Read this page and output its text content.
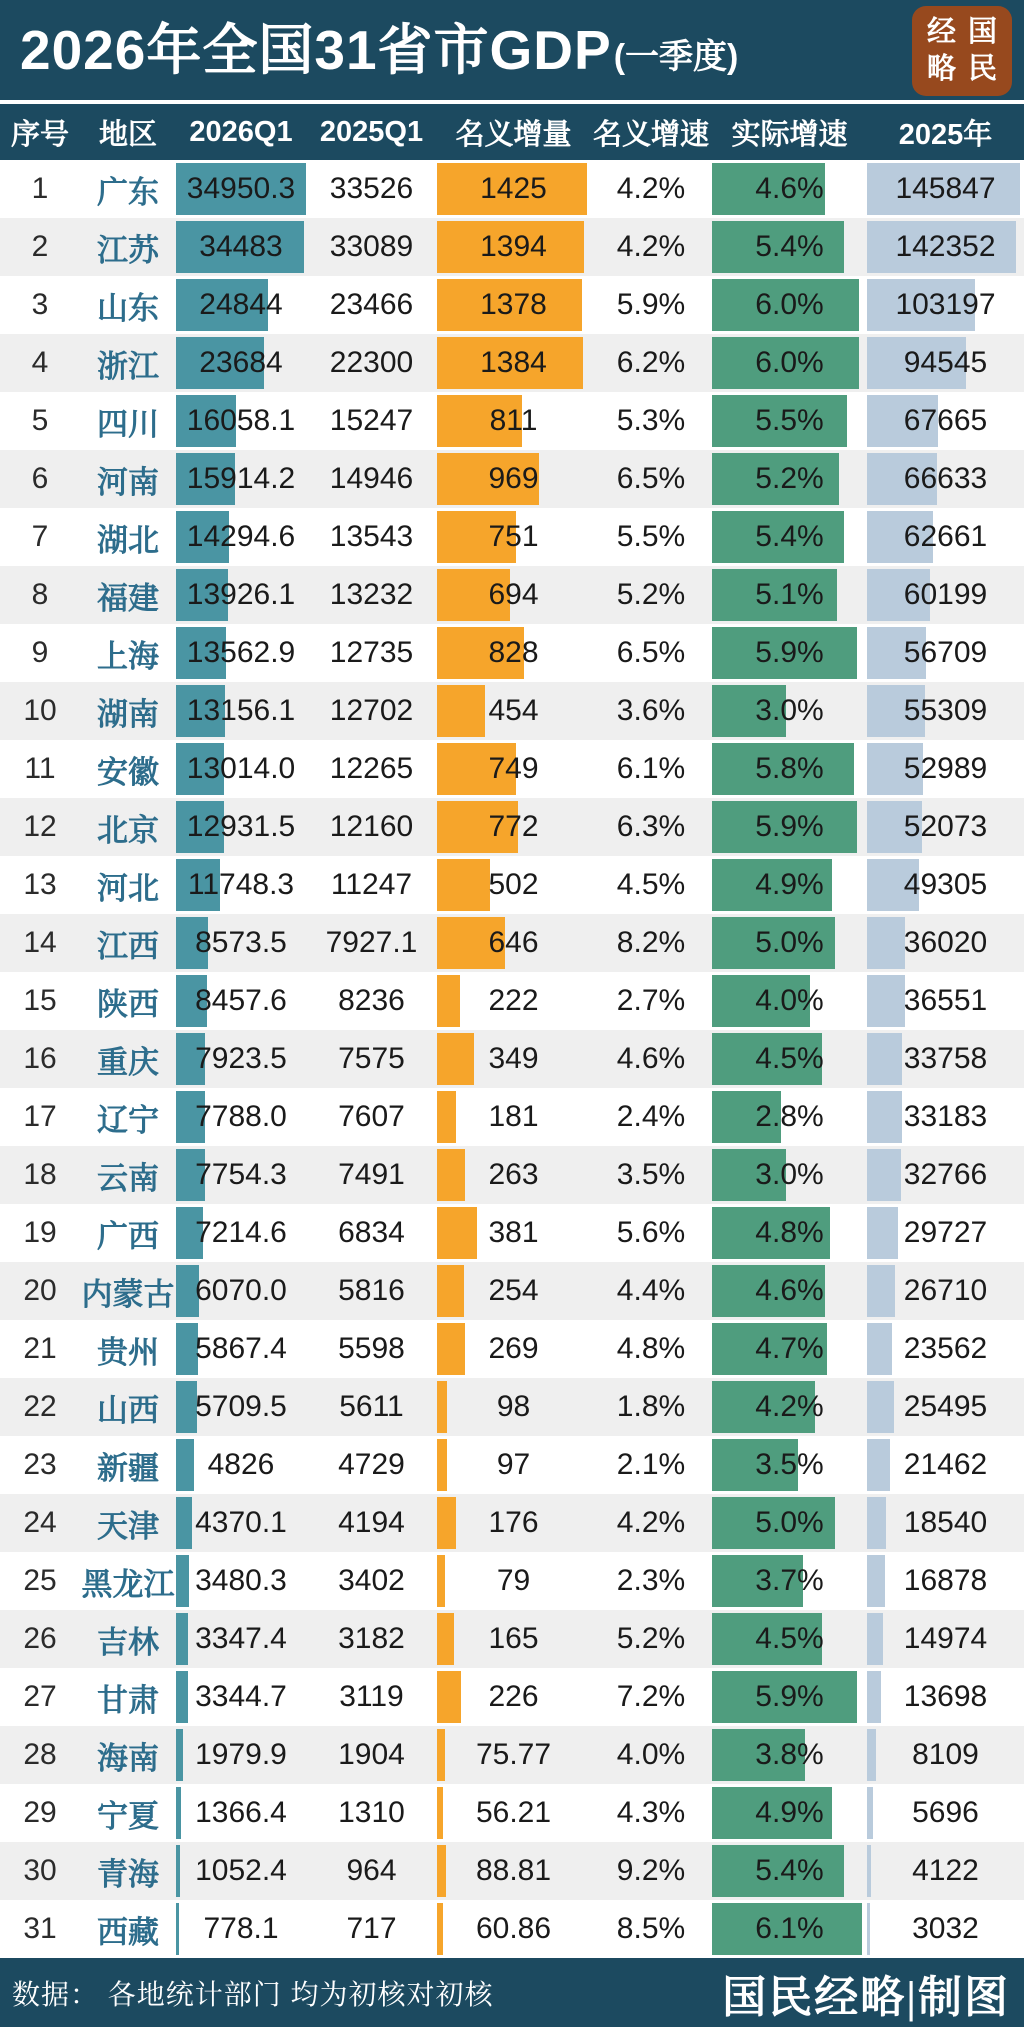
2026年全国31省市GDP (一季度)
经
略
国
民
序号	地区	2026Q1 2025Q1	名义增量 名义增速 实际增速	2025年
1 广东 34950.3 33526 1425 4.2% 4.6% 145847
2 江苏 34483 33089 1394 4.2% 5.4% 142352
3 山东 24844 23466 1378 5.9% 6.0% 103197
4 浙江 23684 22300 1384 6.2% 6.0%	94545
5 四川 16058.1 15247	811	5.3% 5.5%	67665
6 河南 15914.2 14946	969	6.5% 5.2%	66633
7 湖北 14294.6 13543	751	5.5% 5.4%	62661
8 福建 13926.1 13232	694	5.2% 5.1%	60199
9 上海 13562.9 12735	828	6.5% 5.9%	56709
10 湖南 13156.1 12702	454	3.6% 3.0%	55309
11 安徽 13014.0 12265	749	6.1% 5.8%	52989
12 北京 12931.5 12160	772	6.3% 5.9%	52073
13 河北 11748.3 11247	502	4.5% 4.9%	49305
14 江西 8573.5 7927.1 646	8.2% 5.0%	36020
15 陕西 8457.6 8236	222	2.7% 4.0%	36551
16 重庆 7923.5 7575	349	4.6% 4.5%	33758
17 辽宁 7788.0 7607	181	2.4% 2.8%	33183
18 云南 7754.3 7491	263	3.5% 3.0%	32766
19 广西 7214.6 6834	381	5.6% 4.8%	29727
20 内蒙古 6070.0 5816	254	4.4% 4.6%	26710
21 贵州 5867.4 5598	269	4.8% 4.7%	23562
22 山西 5709.5 5611	98	1.8% 4.2%	25495
23 新疆 4826 4729	97	2.1% 3.5%	21462
24 天津 4370.1 4194	176	4.2% 5.0%	18540
25 黑龙江 3480.3 3402	79	2.3% 3.7%	16878
26 吉林 3347.4 3182	165	5.2% 4.5%	14974
27 甘肃 3344.7 3119	226	7.2% 5.9%	13698
28 海南 1979.9 1904 75.77 4.0% 3.8%	8109
29 宁夏 1366.4 1310 56.21 4.3% 4.9%	5696
30 青海 1052.4 964	88.81 9.2% 5.4%	4122
31 西藏 778.1 717	60.86 8.5% 6.1%	3032
数据： 各地统计部门 均为初核对初核	国民经略|制图
